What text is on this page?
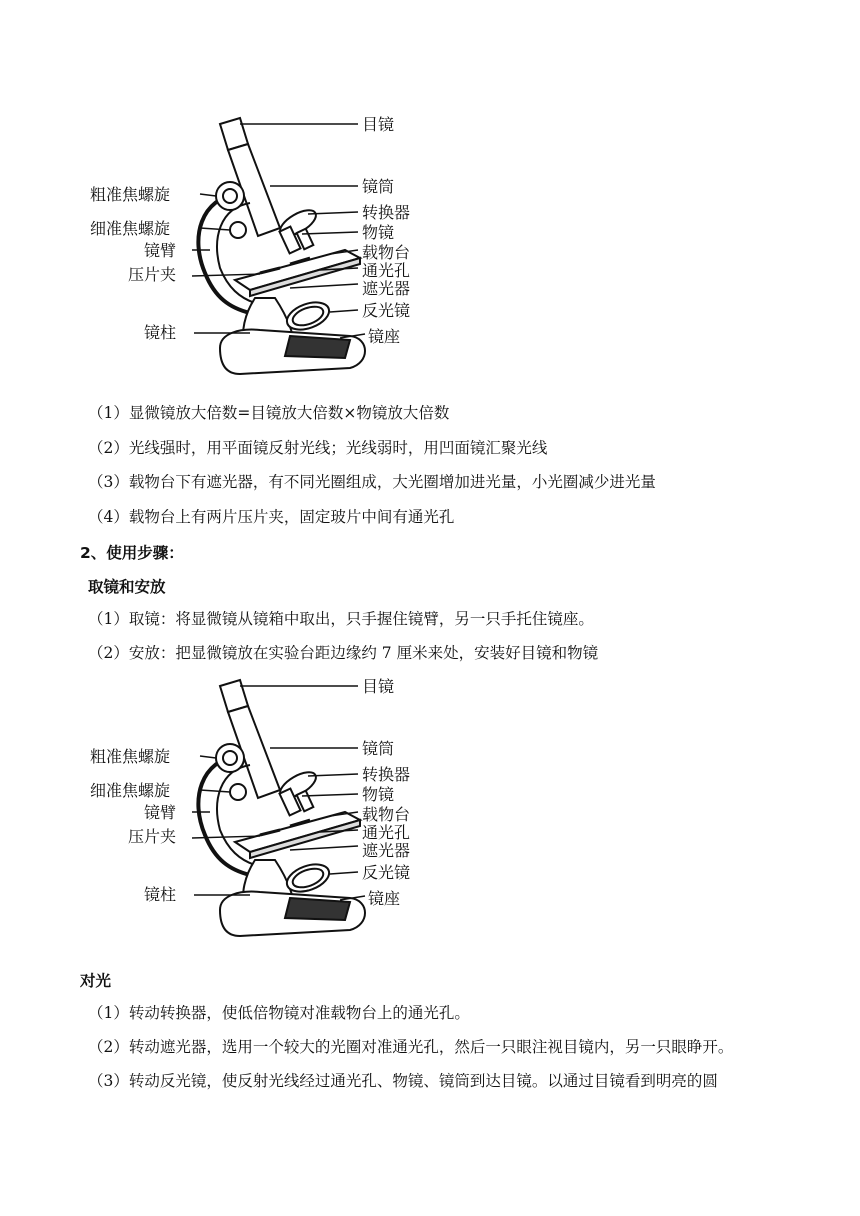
目镜
镜筒
转换器
物镜
载物台
通光孔
遮光器
反光镜
镜座
粗准焦螺旋
细准焦螺旋
镜臂
压片夹
镜柱
（1）显微镜放大倍数=目镜放大倍数×物镜放大倍数
（2）光线强时，用平面镜反射光线；光线弱时，用凹面镜汇聚光线
（3）载物台下有遮光器，有不同光圈组成，大光圈增加进光量，小光圈减少进光量
（4）载物台上有两片压片夹，固定玻片中间有通光孔
2、使用步骤：
取镜和安放
（1）取镜：将显微镜从镜箱中取出，只手握住镜臂，另一只手托住镜座。
（2）安放：把显微镜放在实验台距边缘约 7 厘米来处，安装好目镜和物镜
目镜
镜筒
转换器
物镜
载物台
通光孔
遮光器
反光镜
镜座
粗准焦螺旋
细准焦螺旋
镜臂
压片夹
镜柱
对光
（1）转动转换器，使低倍物镜对准载物台上的通光孔。
（2）转动遮光器，选用一个较大的光圈对准通光孔，然后一只眼注视目镜内，另一只眼睁开。
（3）转动反光镜，使反射光线经过通光孔、物镜、镜筒到达目镜。以通过目镜看到明亮的圆
